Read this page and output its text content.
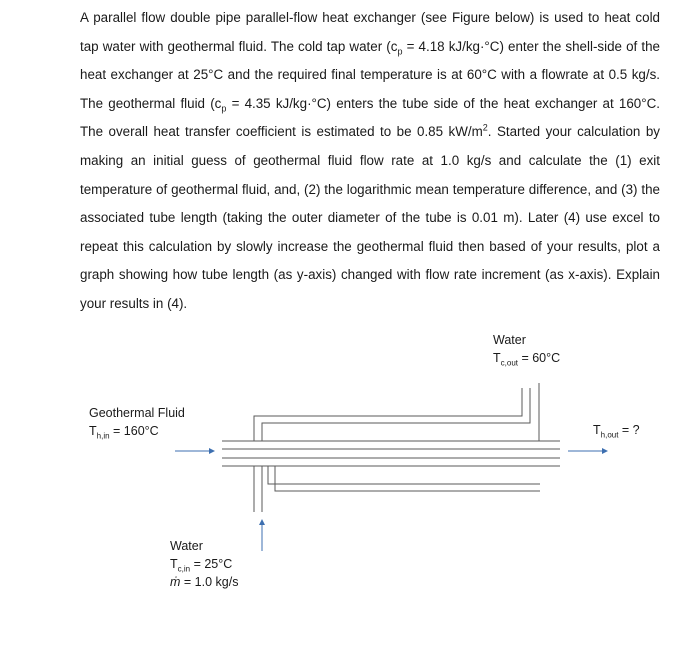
A parallel flow double pipe parallel-flow heat exchanger (see Figure below) is used to heat cold tap water with geothermal fluid. The cold tap water ($c_p = 4.18$ kJ/kg·°C) enter the shell-side of the heat exchanger at 25°C and the required final temperature is at 60°C with a flowrate at 0.5 kg/s. The geothermal fluid ($c_p = 4.35$ kJ/kg·°C) enters the tube side of the heat exchanger at 160°C. The overall heat transfer coefficient is estimated to be 0.85 $kW/m^2$. Started your calculation by making an initial guess of geothermal fluid flow rate at 1.0 kg/s and calculate the (1) exit temperature of geothermal fluid, and, (2) the logarithmic mean temperature difference, and (3) the associated tube length (taking the outer diameter of the tube is 0.01 m). Later (4) use excel to repeat this calculation by slowly increase the geothermal fluid then based of your results, plot a graph showing how tube length (as y-axis) changed with flow rate increment (as x-axis). Explain your results in (4).

Water
$T_{c,out} = 60^\circ C$
Geothermal Fluid
$T_{h,in} = 160^\circ C$	$T_{h,out}$ = ?
Water
$T_{c,in} = 25^\circ C$
ṁ = 1.0 kg/s
